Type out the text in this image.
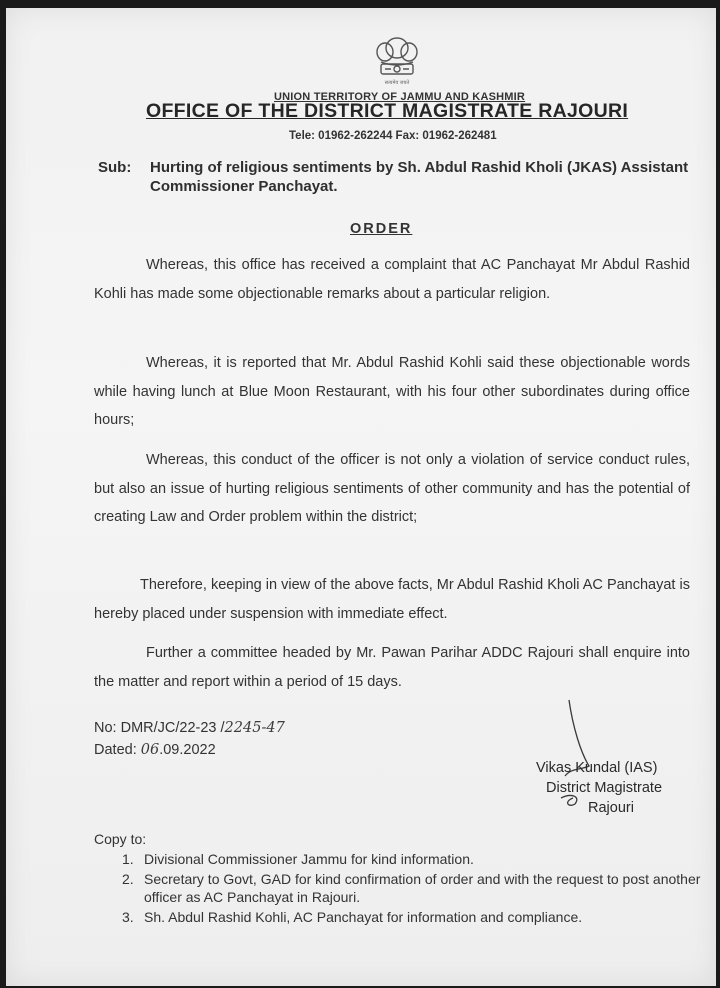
सत्यमेव जयते
UNION TERRITORY OF JAMMU AND KASHMIR
OFFICE OF THE DISTRICT MAGISTRATE RAJOURI
Tele: 01962-262244 Fax: 01962-262481
Sub: Hurting of religious sentiments by Sh. Abdul Rashid Kholi (JKAS) Assistant Commissioner Panchayat.
ORDER
Whereas, this office has received a complaint that AC Panchayat Mr Abdul Rashid Kohli has made some objectionable remarks about a particular religion.
Whereas, it is reported that Mr. Abdul Rashid Kohli said these objectionable words while having lunch at Blue Moon Restaurant, with his four other subordinates during office hours;
Whereas, this conduct of the officer is not only a violation of service conduct rules, but also an issue of hurting religious sentiments of other community and has the potential of creating Law and Order problem within the district;
Therefore, keeping in view of the above facts, Mr Abdul Rashid Kholi AC Panchayat is hereby placed under suspension with immediate effect.
Further a committee headed by Mr. Pawan Parihar ADDC Rajouri shall enquire into the matter and report within a period of 15 days.
No: DMR/JC/22-23 /2245-47
Dated: 06.09.2022
Vikas Kundal (IAS)
District Magistrate
Rajouri
Copy to:
1. Divisional Commissioner Jammu for kind information.
2. Secretary to Govt, GAD for kind confirmation of order and with the request to post another officer as AC Panchayat in Rajouri.
3. Sh. Abdul Rashid Kohli, AC Panchayat for information and compliance.
